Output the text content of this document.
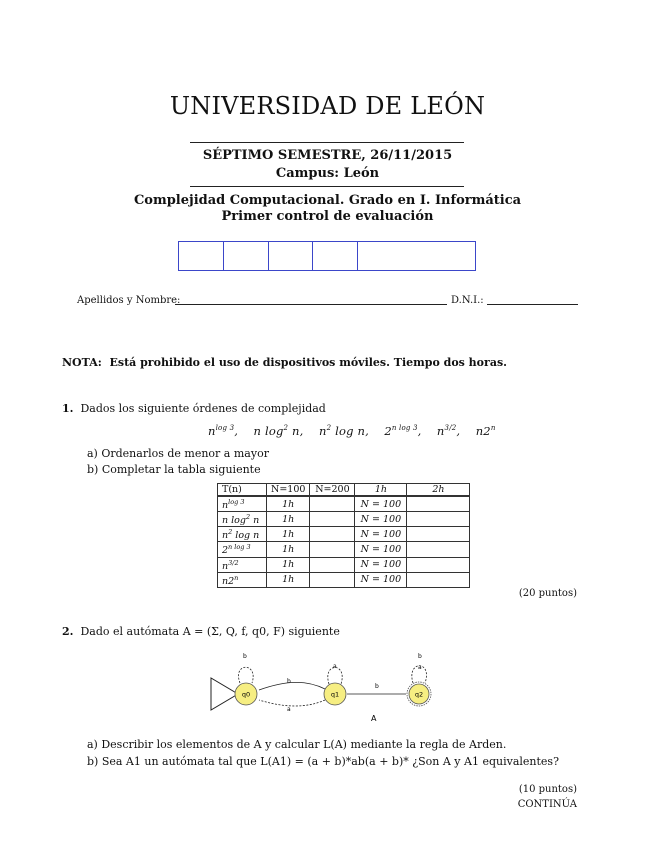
UNIVERSIDAD DE LEÓN
SÉPTIMO SEMESTRE, 26/11/2015
Campus: León
Complejidad Computacional. Grado en I. Informática
Primer control de evaluación
Apellidos y Nombre:	D.N.I.:
NOTA: Está prohibido el uso de dispositivos móviles. Tiempo dos horas.
1. Dados los siguiente órdenes de complejidad
$n^{log 3}$,    n $\log^2 n$,    $n^2$ log n,    $2^{n log 3}$,    $n^{3/2}$,    n2$^n$
a) Ordenarlos de menor a mayor
b) Completar la tabla siguiente
T(n)	N=100	N=200	1h	2h
$n^{log 3}$	1h		N = 100	
n $\log^2 n$	1h		N = 100	
$n^2$ log n	1h		N = 100	
$2^{n log 3}$	1h		N = 100	
$n^{3/2}$	1h		N = 100	
n2$^n$	1h		N = 100	
(20 puntos)
2. Dado el autómata A = (Σ, Q, f, q0, F) siguiente
b
a
b
a
b
a
b
q0	q1	q2
A
a) Describir los elementos de A y calcular L(A) mediante la regla de Arden.
b) Sea A1 un autómata tal que L(A1) = (a + b)*ab(a + b)* ¿Son A y A1 equivalentes?
(10 puntos)
CONTINÚA
